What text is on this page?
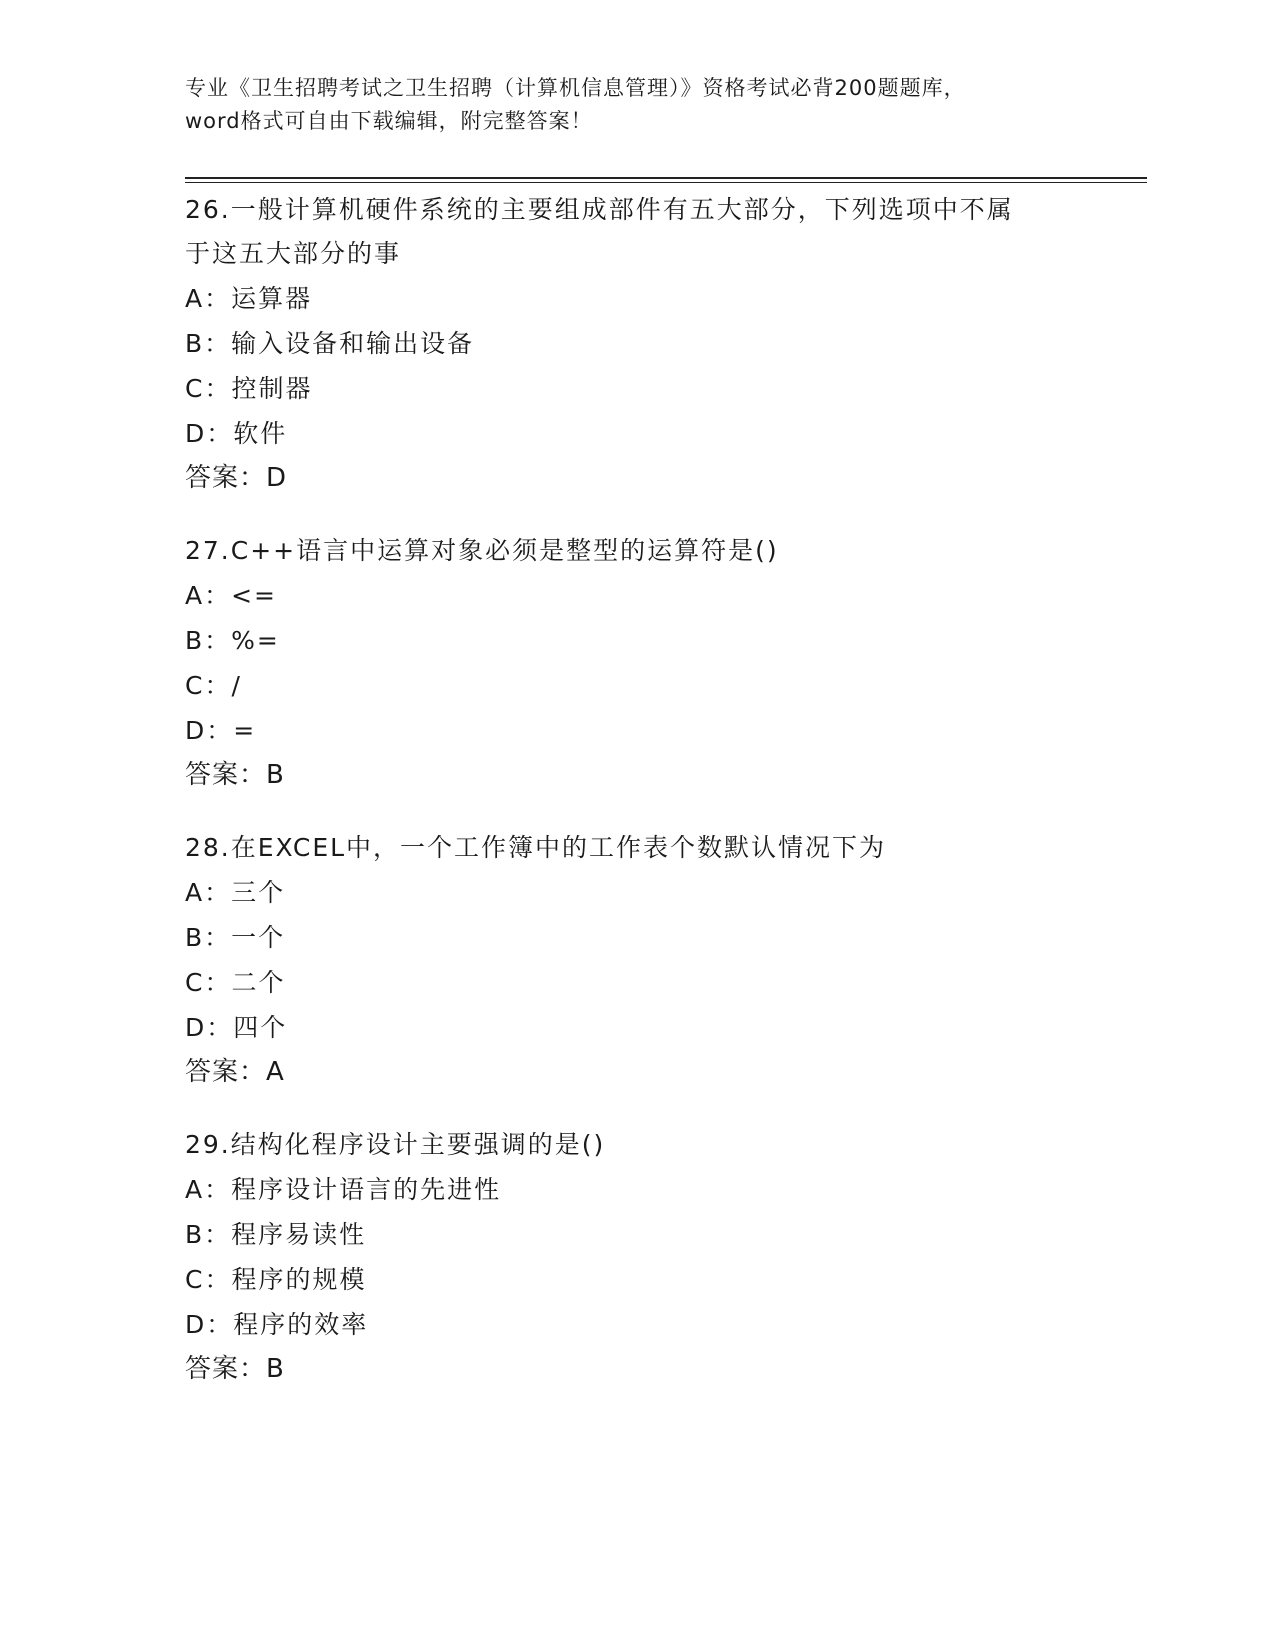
专业《卫生招聘考试之卫生招聘（计算机信息管理）》资格考试必背200题题库，
word格式可自由下载编辑，附完整答案！

26.一般计算机硬件系统的主要组成部件有五大部分，下列选项中不属

于这五大部分的事

A：运算器

B：输入设备和输出设备

C：控制器

D：软件

答案：D

27.C++语言中运算对象必须是整型的运算符是()

A：<=

B：%=

C：/

D：=

答案：B

28.在EXCEL中，一个工作簿中的工作表个数默认情况下为

A：三个

B：一个

C：二个

D：四个

答案：A

29.结构化程序设计主要强调的是()

A：程序设计语言的先进性

B：程序易读性

C：程序的规模

D：程序的效率

答案：B
